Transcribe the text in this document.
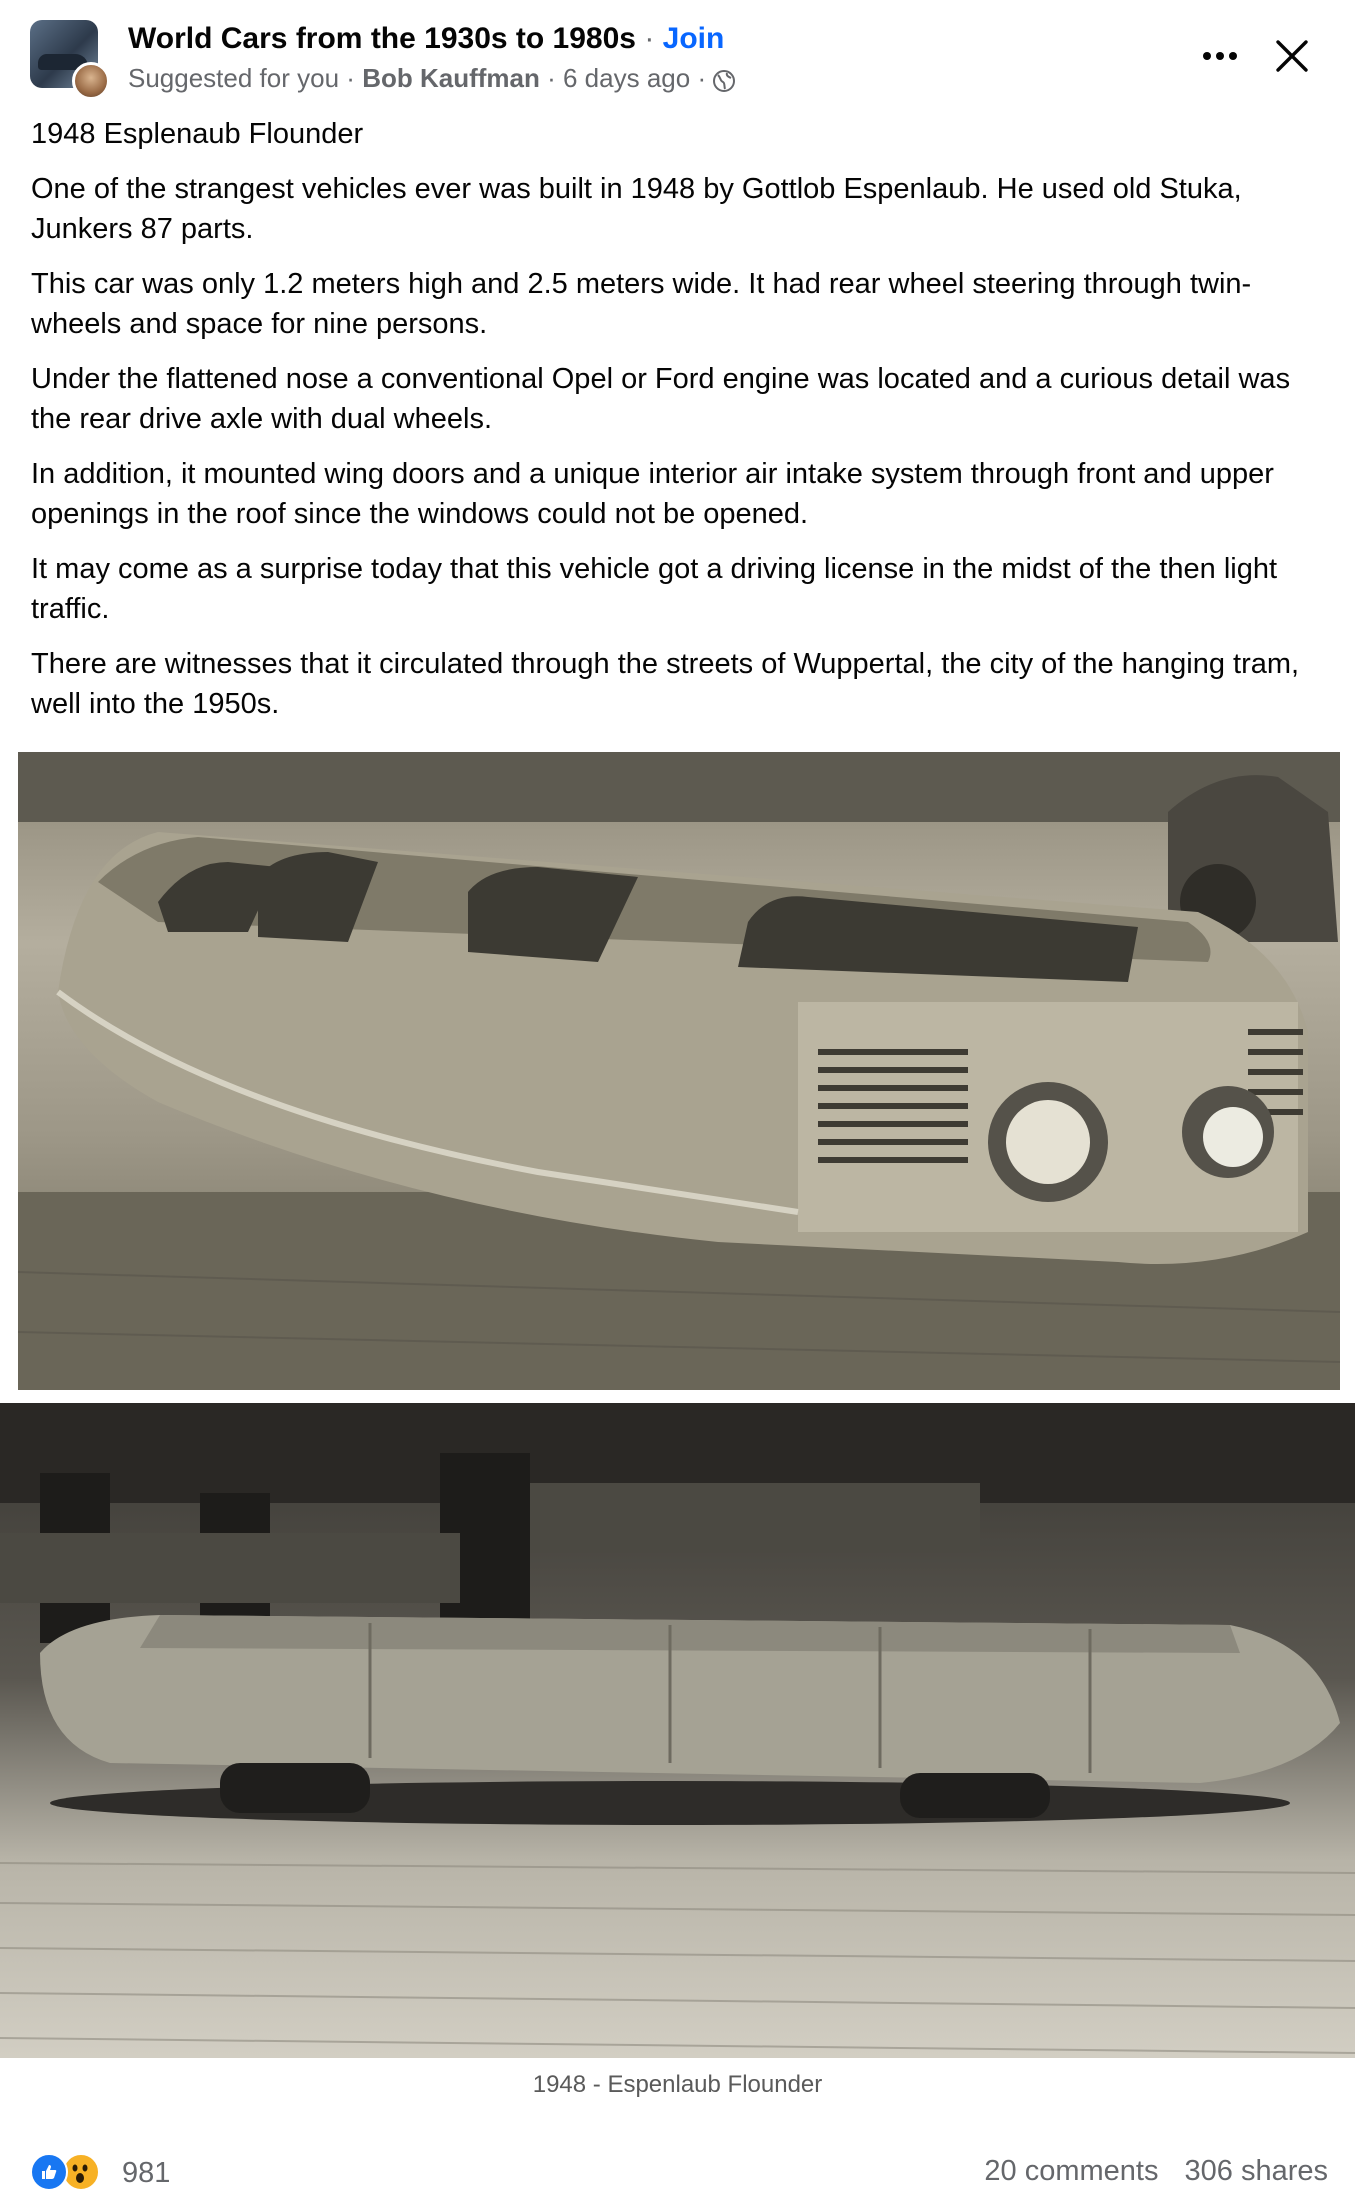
World Cars from the 1930s to 1980s · Join
Suggested for you
·
Bob Kauffman
·
6 days ago
·

1948 Esplenaub Flounder

One of the strangest vehicles ever was built in 1948 by Gottlob Espenlaub. He used old Stuka, Junkers 87 parts.

This car was only 1.2 meters high and 2.5 meters wide. It had rear wheel steering through twin-wheels and space for nine persons.

Under the flattened nose a conventional Opel or Ford engine was located and a curious detail was the rear drive axle with dual wheels.

In addition, it mounted wing doors and a unique interior air intake system through front and upper openings in the roof since the windows could not be opened.

It may come as a surprise today that this vehicle got a driving license in the midst of the then light traffic.

There are witnesses that it circulated through the streets of Wuppertal, the city of the hanging tram, well into the 1950s.

1948 - Espenlaub Flounder
981	20 comments 306 shares
